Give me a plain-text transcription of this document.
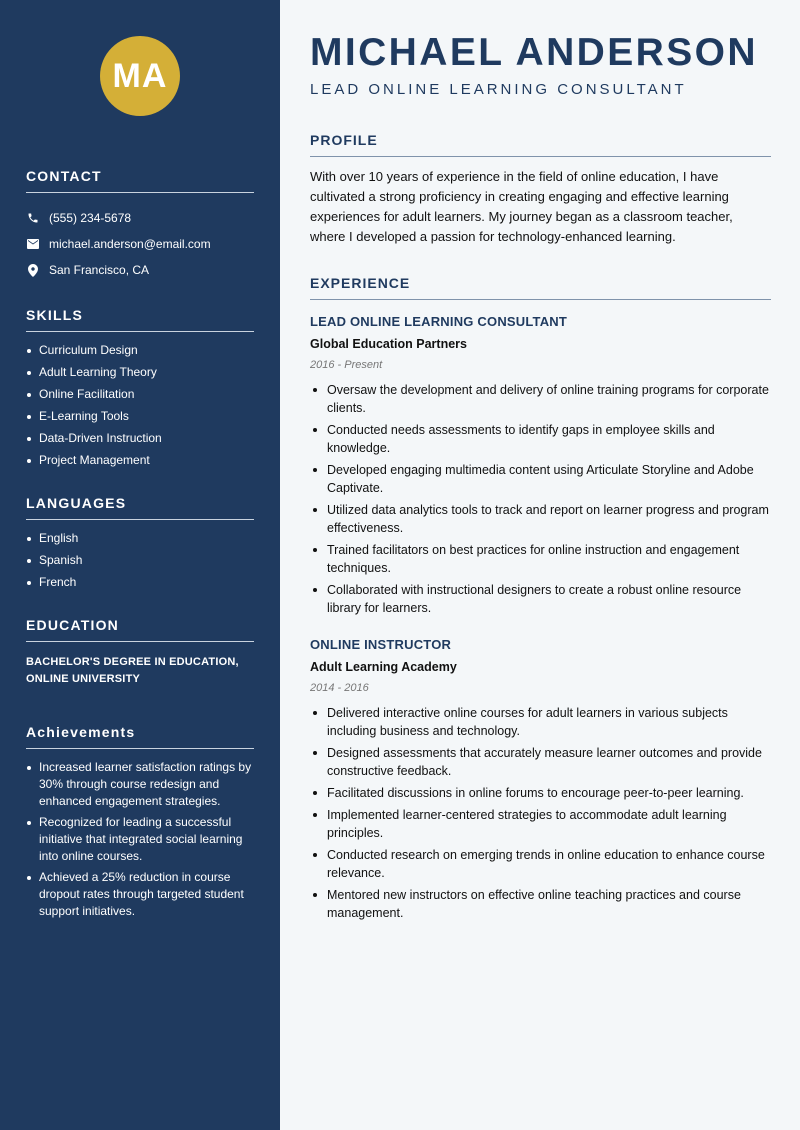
MA
CONTACT
(555) 234-5678
michael.anderson@email.com
San Francisco, CA
SKILLS
Curriculum Design
Adult Learning Theory
Online Facilitation
E-Learning Tools
Data-Driven Instruction
Project Management
LANGUAGES
English
Spanish
French
EDUCATION

BACHELOR'S DEGREE IN EDUCATION, ONLINE UNIVERSITY

Achievements
Increased learner satisfaction ratings by 30% through course redesign and enhanced engagement strategies.
Recognized for leading a successful initiative that integrated social learning into online courses.
Achieved a 25% reduction in course dropout rates through targeted student support initiatives.
MICHAEL ANDERSON
LEAD ONLINE LEARNING CONSULTANT
PROFILE

With over 10 years of experience in the field of online education, I have cultivated a strong proficiency in creating engaging and effective learning experiences for adult learners. My journey began as a classroom teacher, where I developed a passion for technology-enhanced learning.

EXPERIENCE
LEAD ONLINE LEARNING CONSULTANT
Global Education Partners
2016 - Present
Oversaw the development and delivery of online training programs for corporate clients.
Conducted needs assessments to identify gaps in employee skills and knowledge.
Developed engaging multimedia content using Articulate Storyline and Adobe Captivate.
Utilized data analytics tools to track and report on learner progress and program effectiveness.
Trained facilitators on best practices for online instruction and engagement techniques.
Collaborated with instructional designers to create a robust online resource library for learners.
ONLINE INSTRUCTOR
Adult Learning Academy
2014 - 2016
Delivered interactive online courses for adult learners in various subjects including business and technology.
Designed assessments that accurately measure learner outcomes and provide constructive feedback.
Facilitated discussions in online forums to encourage peer-to-peer learning.
Implemented learner-centered strategies to accommodate adult learning principles.
Conducted research on emerging trends in online education to enhance course relevance.
Mentored new instructors on effective online teaching practices and course management.
